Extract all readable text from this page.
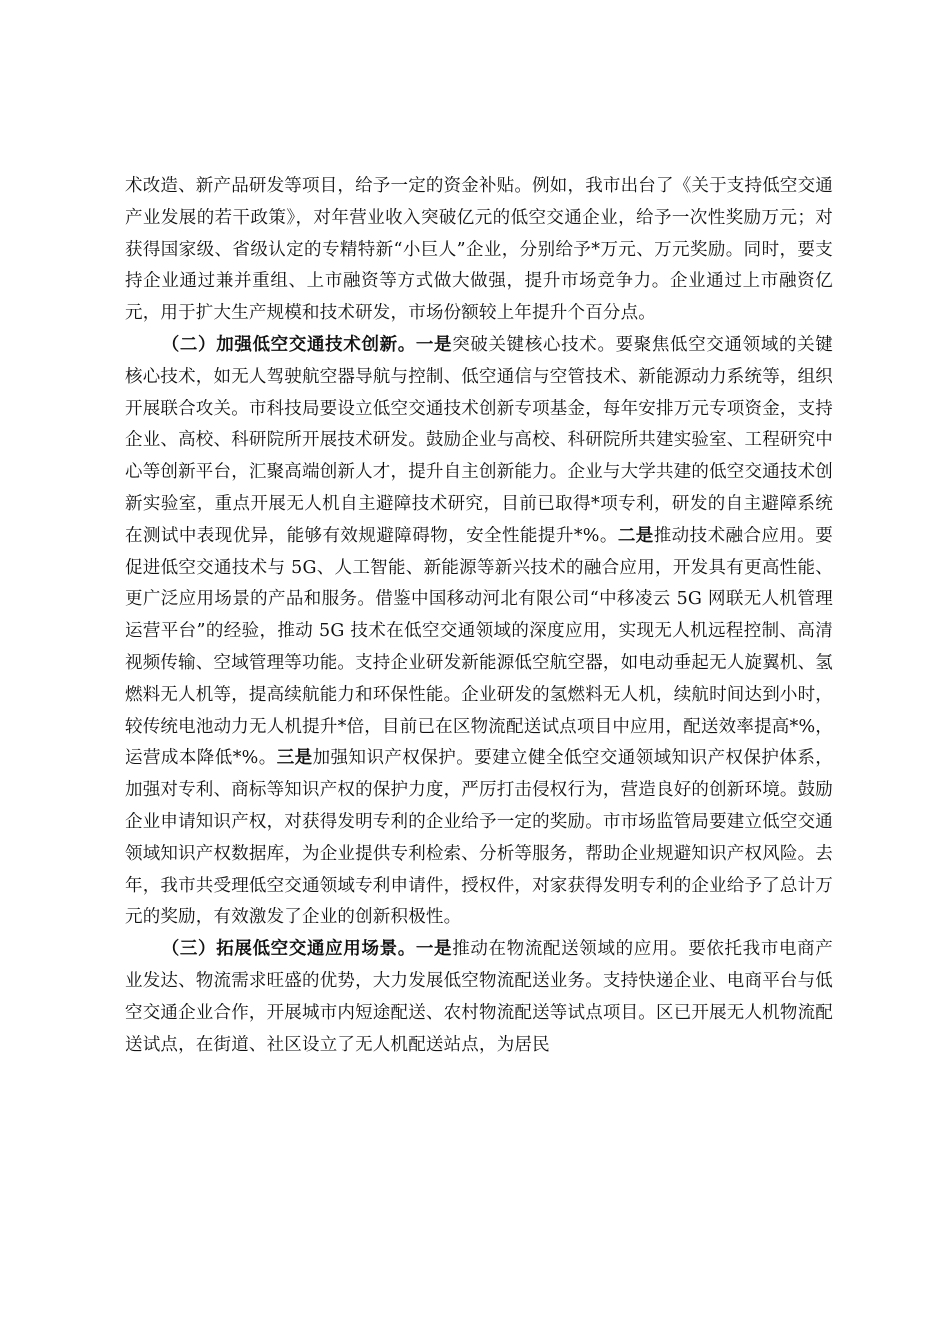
术改造、新产品研发等项目，给予一定的资金补贴。例如，我市出台了《关于支持低空交通产业发展的若干政策》，对年营业收入突破亿元的低空交通企业，给予一次性奖励万元；对获得国家级、省级认定的专精特新“小巨人”企业，分别给予*万元、万元奖励。同时，要支持企业通过兼并重组、上市融资等方式做大做强，提升市场竞争力。企业通过上市融资亿元，用于扩大生产规模和技术研发，市场份额较上年提升个百分点。

（二）加强低空交通技术创新。一是突破关键核心技术。要聚焦低空交通领域的关键核心技术，如无人驾驶航空器导航与控制、低空通信与空管技术、新能源动力系统等，组织开展联合攻关。市科技局要设立低空交通技术创新专项基金，每年安排万元专项资金，支持企业、高校、科研院所开展技术研发。鼓励企业与高校、科研院所共建实验室、工程研究中心等创新平台，汇聚高端创新人才，提升自主创新能力。企业与大学共建的低空交通技术创新实验室，重点开展无人机自主避障技术研究，目前已取得*项专利，研发的自主避障系统在测试中表现优异，能够有效规避障碍物，安全性能提升*%。二是推动技术融合应用。要促进低空交通技术与 5G、人工智能、新能源等新兴技术的融合应用，开发具有更高性能、更广泛应用场景的产品和服务。借鉴中国移动河北有限公司“中移凌云 5G 网联无人机管理运营平台”的经验，推动 5G 技术在低空交通领域的深度应用，实现无人机远程控制、高清视频传输、空域管理等功能。支持企业研发新能源低空航空器，如电动垂起无人旋翼机、氢燃料无人机等，提高续航能力和环保性能。企业研发的氢燃料无人机，续航时间达到小时，较传统电池动力无人机提升*倍，目前已在区物流配送试点项目中应用，配送效率提高*%，运营成本降低*%。三是加强知识产权保护。要建立健全低空交通领域知识产权保护体系，加强对专利、商标等知识产权的保护力度，严厉打击侵权行为，营造良好的创新环境。鼓励企业申请知识产权，对获得发明专利的企业给予一定的奖励。市市场监管局要建立低空交通领域知识产权数据库，为企业提供专利检索、分析等服务，帮助企业规避知识产权风险。去年，我市共受理低空交通领域专利申请件，授权件，对家获得发明专利的企业给予了总计万元的奖励，有效激发了企业的创新积极性。

（三）拓展低空交通应用场景。一是推动在物流配送领域的应用。要依托我市电商产业发达、物流需求旺盛的优势，大力发展低空物流配送业务。支持快递企业、电商平台与低空交通企业合作，开展城市内短途配送、农村物流配送等试点项目。区已开展无人机物流配送试点，在街道、社区设立了无人机配送站点，为居民
